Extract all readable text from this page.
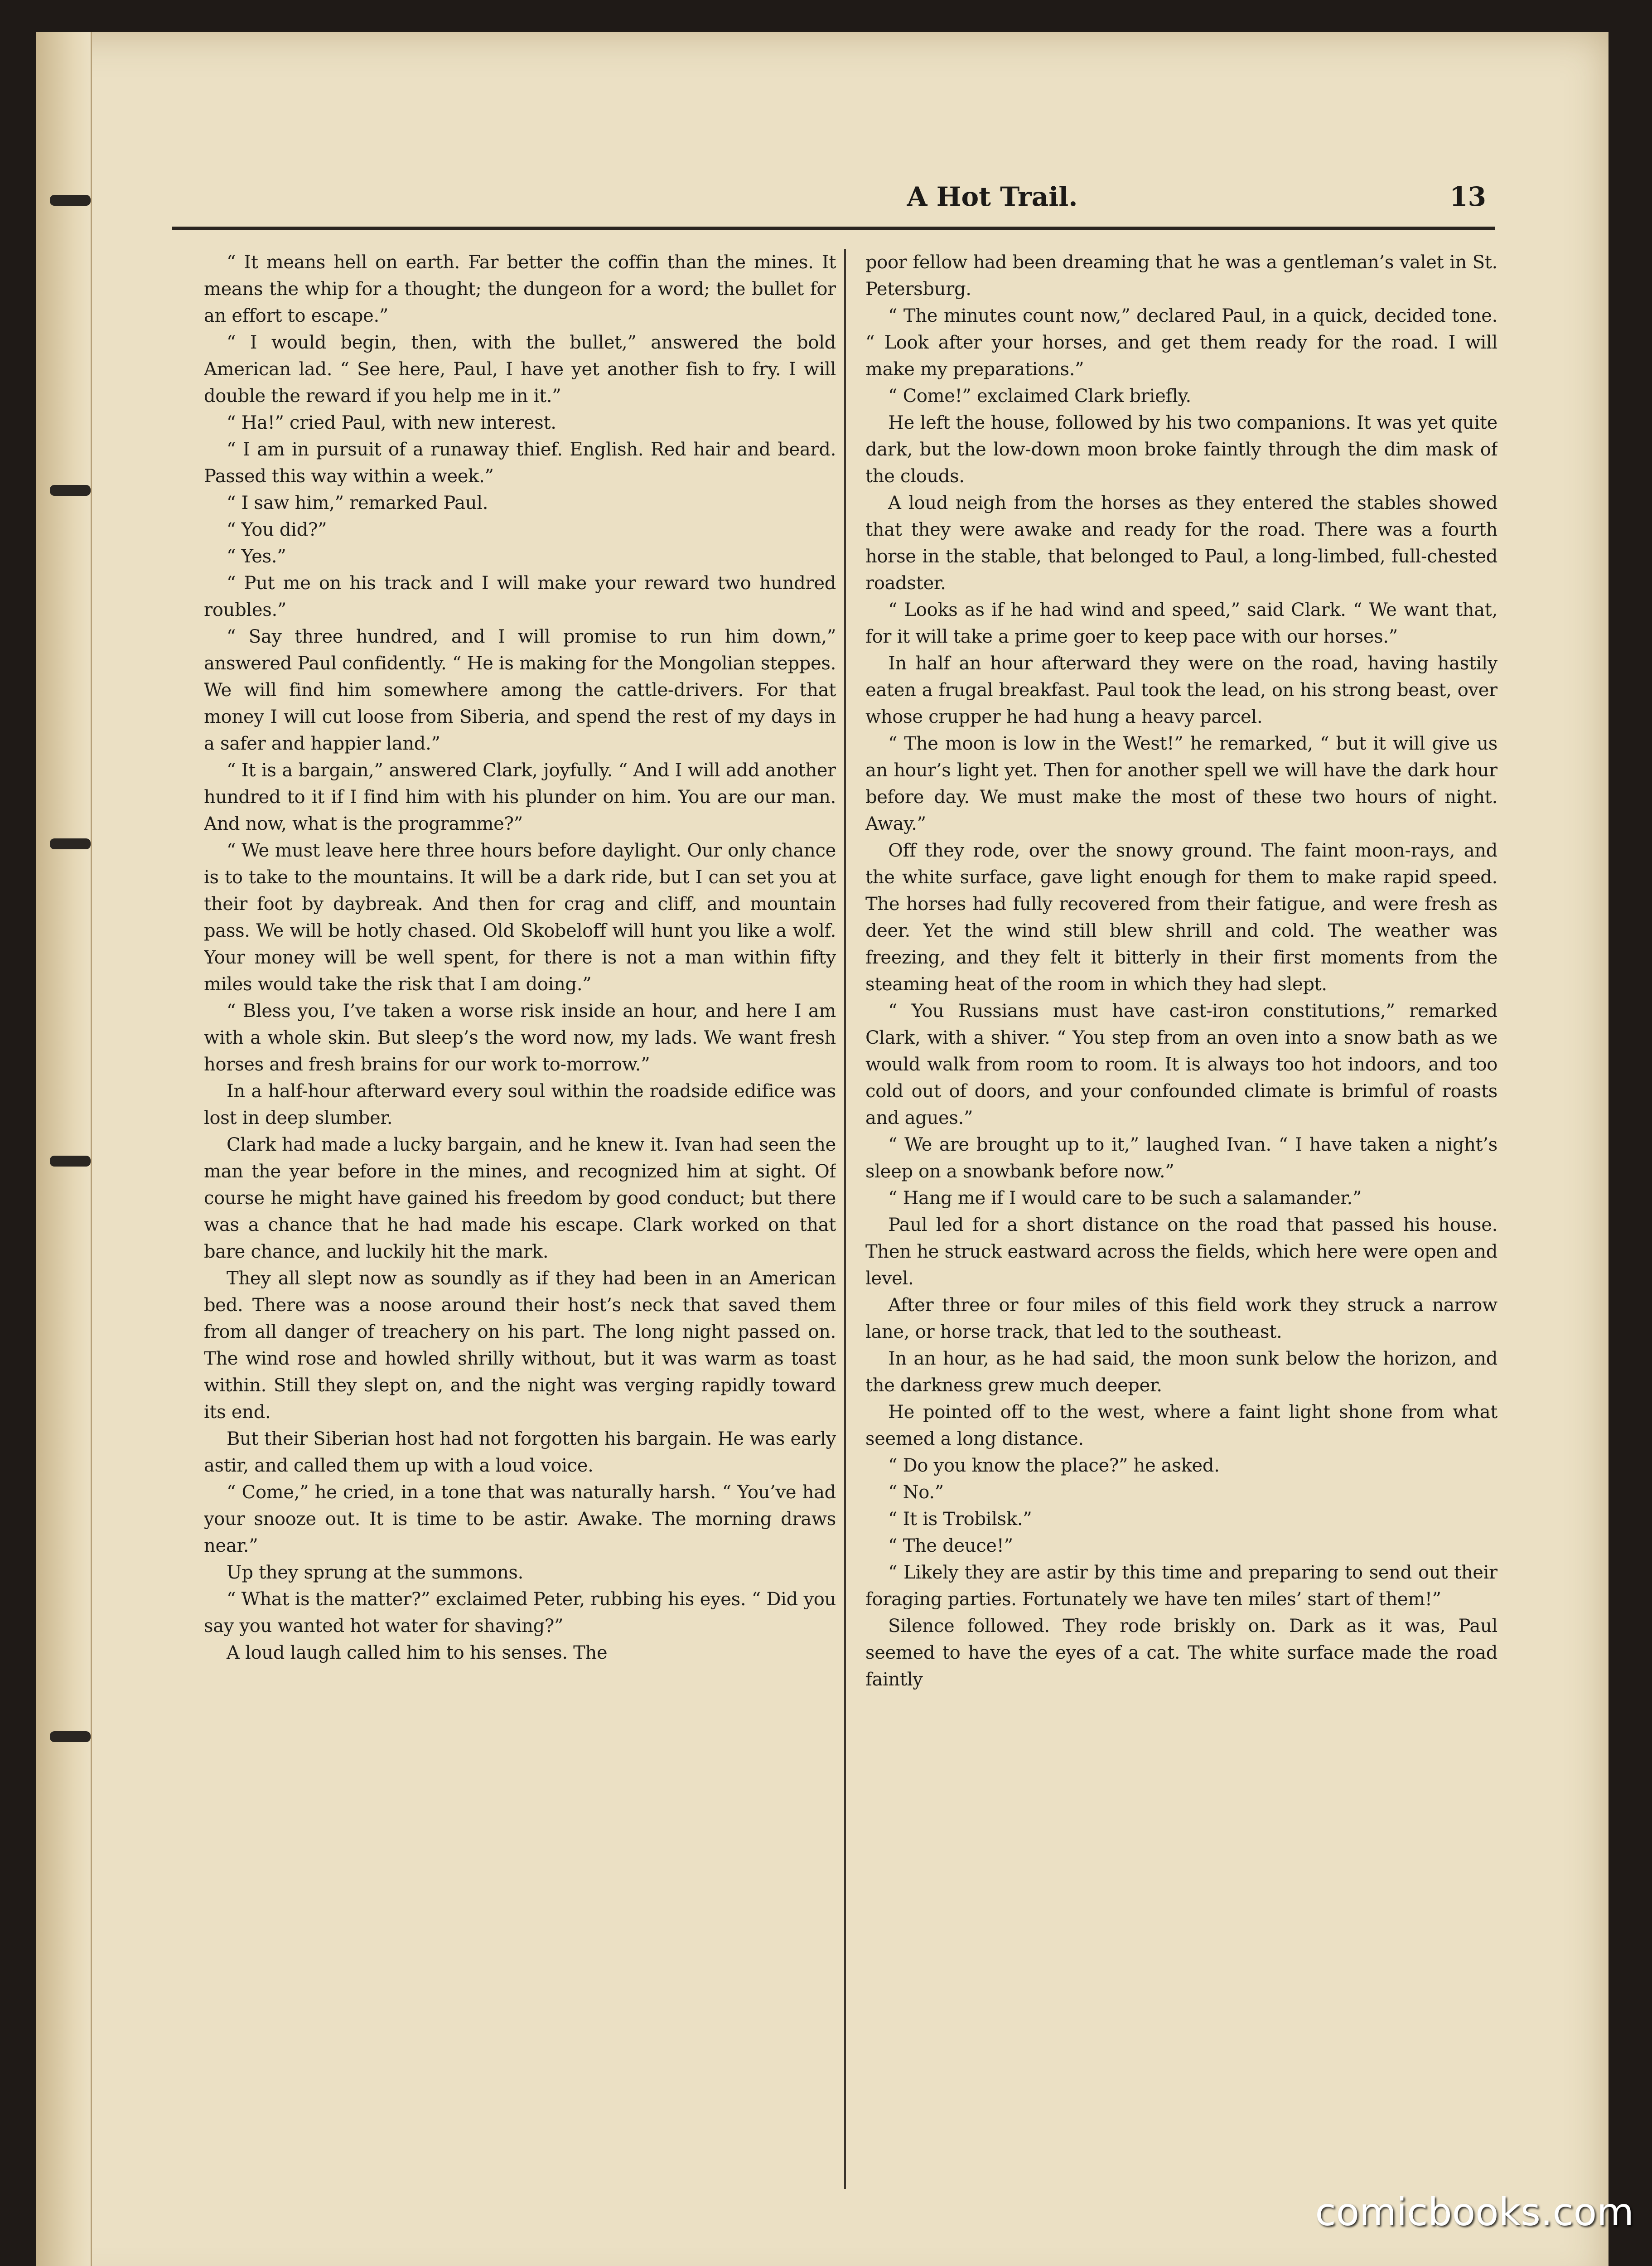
A Hot Trail.	13

“ It means hell on earth. Far better the coffin than the mines. It means the whip for a thought; the dungeon for a word; the bullet for an effort to escape.”

“ I would begin, then, with the bullet,” answered the bold American lad. “ See here, Paul, I have yet another fish to fry. I will double the reward if you help me in it.”

“ Ha!” cried Paul, with new interest.

“ I am in pursuit of a runaway thief. English. Red hair and beard. Passed this way within a week.”

“ I saw him,” remarked Paul.

“ You did?”

“ Yes.”

“ Put me on his track and I will make your reward two hundred roubles.”

“ Say three hundred, and I will promise to run him down,” answered Paul confidently. “ He is making for the Mongolian steppes. We will find him somewhere among the cattle-drivers. For that money I will cut loose from Siberia, and spend the rest of my days in a safer and happier land.”

“ It is a bargain,” answered Clark, joyfully. “ And I will add another hundred to it if I find him with his plunder on him. You are our man. And now, what is the programme?”

“ We must leave here three hours before daylight. Our only chance is to take to the mountains. It will be a dark ride, but I can set you at their foot by daybreak. And then for crag and cliff, and mountain pass. We will be hotly chased. Old Skobeloff will hunt you like a wolf. Your money will be well spent, for there is not a man within fifty miles would take the risk that I am doing.”

“ Bless you, I’ve taken a worse risk inside an hour, and here I am with a whole skin. But sleep’s the word now, my lads. We want fresh horses and fresh brains for our work to-morrow.”

In a half-hour afterward every soul within the roadside edifice was lost in deep slumber.

Clark had made a lucky bargain, and he knew it. Ivan had seen the man the year before in the mines, and recognized him at sight. Of course he might have gained his freedom by good conduct; but there was a chance that he had made his escape. Clark worked on that bare chance, and luckily hit the mark.

They all slept now as soundly as if they had been in an American bed. There was a noose around their host’s neck that saved them from all danger of treachery on his part. The long night passed on. The wind rose and howled shrilly without, but it was warm as toast within. Still they slept on, and the night was verging rapidly toward its end.

But their Siberian host had not forgotten his bargain. He was early astir, and called them up with a loud voice.

“ Come,” he cried, in a tone that was naturally harsh. “ You’ve had your snooze out. It is time to be astir. Awake. The morning draws near.”

Up they sprung at the summons.

“ What is the matter?” exclaimed Peter, rubbing his eyes. “ Did you say you wanted hot water for shaving?”

A loud laugh called him to his senses. The

poor fellow had been dreaming that he was a gentleman’s valet in St. Petersburg.

“ The minutes count now,” declared Paul, in a quick, decided tone. “ Look after your horses, and get them ready for the road. I will make my preparations.”

“ Come!” exclaimed Clark briefly.

He left the house, followed by his two companions. It was yet quite dark, but the low-down moon broke faintly through the dim mask of the clouds.

A loud neigh from the horses as they entered the stables showed that they were awake and ready for the road. There was a fourth horse in the stable, that belonged to Paul, a long-limbed, full-chested roadster.

“ Looks as if he had wind and speed,” said Clark. “ We want that, for it will take a prime goer to keep pace with our horses.”

In half an hour afterward they were on the road, having hastily eaten a frugal breakfast. Paul took the lead, on his strong beast, over whose crupper he had hung a heavy parcel.

“ The moon is low in the West!” he remarked, “ but it will give us an hour’s light yet. Then for another spell we will have the dark hour before day. We must make the most of these two hours of night. Away.”

Off they rode, over the snowy ground. The faint moon-rays, and the white surface, gave light enough for them to make rapid speed. The horses had fully recovered from their fatigue, and were fresh as deer. Yet the wind still blew shrill and cold. The weather was freezing, and they felt it bitterly in their first moments from the steaming heat of the room in which they had slept.

“ You Russians must have cast-iron constitutions,” remarked Clark, with a shiver. “ You step from an oven into a snow bath as we would walk from room to room. It is always too hot indoors, and too cold out of doors, and your confounded climate is brimful of roasts and agues.”

“ We are brought up to it,” laughed Ivan. “ I have taken a night’s sleep on a snowbank before now.”

“ Hang me if I would care to be such a salamander.”

Paul led for a short distance on the road that passed his house. Then he struck eastward across the fields, which here were open and level.

After three or four miles of this field work they struck a narrow lane, or horse track, that led to the southeast.

In an hour, as he had said, the moon sunk below the horizon, and the darkness grew much deeper.

He pointed off to the west, where a faint light shone from what seemed a long distance.

“ Do you know the place?” he asked.

“ No.”

“ It is Trobilsk.”

“ The deuce!”

“ Likely they are astir by this time and preparing to send out their foraging parties. Fortunately we have ten miles’ start of them!”

Silence followed. They rode briskly on. Dark as it was, Paul seemed to have the eyes of a cat. The white surface made the road faintly

comicbooks.com
